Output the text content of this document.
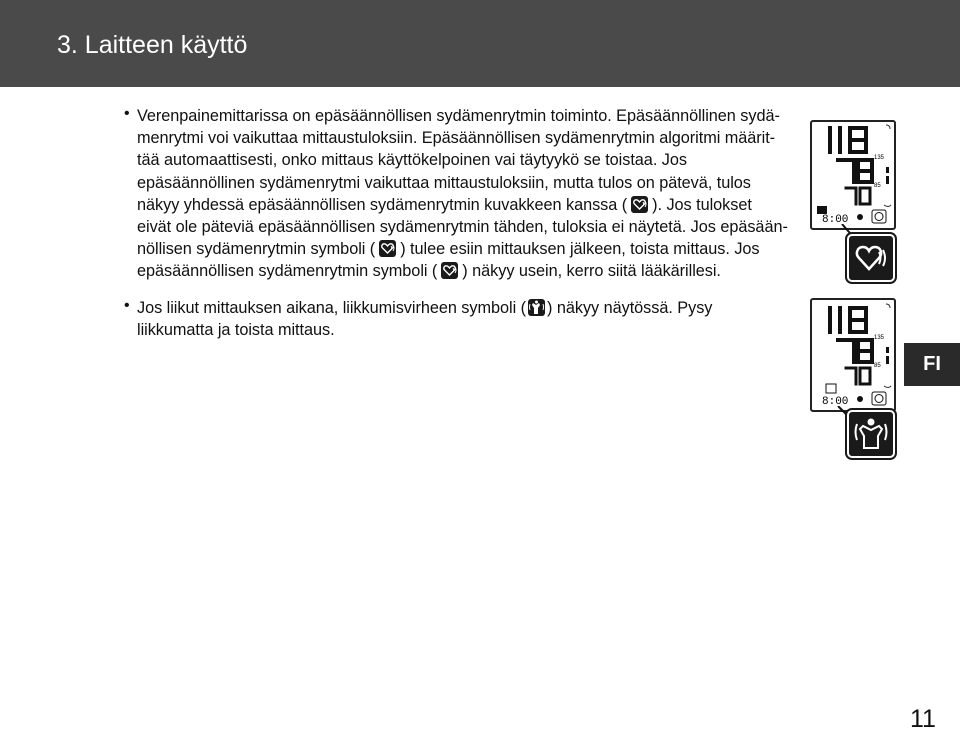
3. Laitteen käyttö
• Verenpainemittarissa on epäsäännöllisen sydämenrytmin toiminto. Epäsäännöllinen sydä-
menrytmi voi vaikuttaa mittaustuloksiin. Epäsäännöllisen sydämenrytmin algoritmi määrit-
tää automaattisesti, onko mittaus käyttökelpoinen vai täytyykö se toistaa. Jos
epäsäännöllinen sydämenrytmi vaikuttaa mittaustuloksiin, mutta tulos on pätevä, tulos
näkyy yhdessä epäsäännöllisen sydämenrytmin kuvakkeen kanssa ( ). Jos tulokset
eivät ole päteviä epäsäännöllisen sydämenrytmin tähden, tuloksia ei näytetä. Jos epäsään-
nöllisen sydämenrytmin symboli ( ) tulee esiin mittauksen jälkeen, toista mittaus. Jos
epäsäännöllisen sydämenrytmin symboli ( ) näkyy usein, kerro siitä lääkärillesi.
• Jos liikut mittauksen aikana, liikkumisvirheen symboli ( ) näkyy näytössä. Pysy
liikkumatta ja toista mittaus.
135
85
8:00
135
85
8:00
FI
11
